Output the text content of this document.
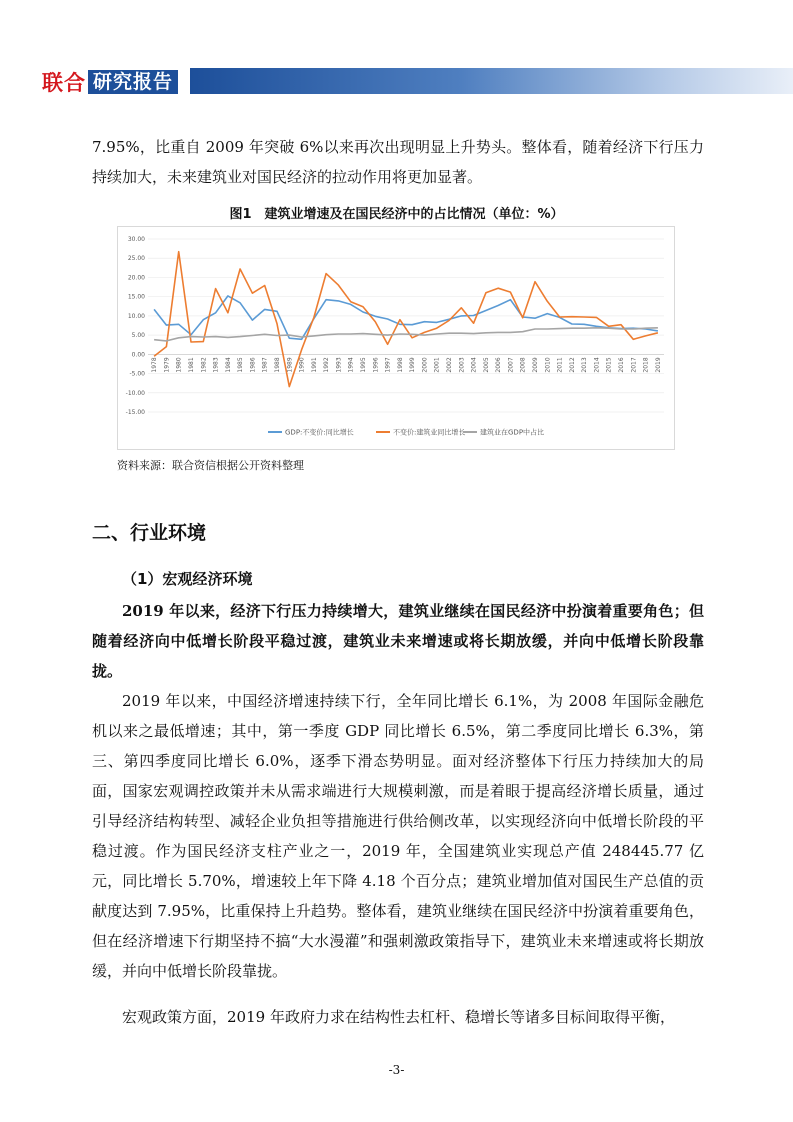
联合 研究报告

7.95%，比重自 2009 年突破 6%以来再次出现明显上升势头。整体看，随着经济下行压力持续加大，未来建筑业对国民经济的拉动作用将更加显著。

图1　建筑业增速及在国民经济中的占比情况（单位：%）
30.00
25.00
20.00
15.00
10.00
5.00
0.00
-5.00
-10.00
-15.00
1978 1979 1980 1981 1982 1983 1984 1985 1986 1987 1988 1989 1990 1991 1992 1993 1994 1995 1996 1997 1998 1999 2000 2001 2002 2003 2004 2005 2006 2007 2008 2009 2010 2011 2012 2013 2014 2015 2016 2017 2018 2019
GDP:不变价:同比增长	不变价:建筑业同比增长 建筑业在GDP中占比
资料来源：联合资信根据公开资料整理
二、行业环境
（1）宏观经济环境

2019 年以来，经济下行压力持续增大，建筑业继续在国民经济中扮演着重要角色；但随着经济向中低增长阶段平稳过渡，建筑业未来增速或将长期放缓，并向中低增长阶段靠拢。

2019 年以来，中国经济增速持续下行，全年同比增长 6.1%，为 2008 年国际金融危机以来之最低增速；其中，第一季度 GDP 同比增长 6.5%，第二季度同比增长 6.3%，第三、第四季度同比增长 6.0%，逐季下滑态势明显。面对经济整体下行压力持续加大的局面，国家宏观调控政策并未从需求端进行大规模刺激，而是着眼于提高经济增长质量，通过引导经济结构转型、减轻企业负担等措施进行供给侧改革，以实现经济向中低增长阶段的平稳过渡。作为国民经济支柱产业之一，2019 年，全国建筑业实现总产值 248445.77 亿元，同比增长 5.70%，增速较上年下降 4.18 个百分点；建筑业增加值对国民生产总值的贡献度达到 7.95%，比重保持上升趋势。整体看，建筑业继续在国民经济中扮演着重要角色，但在经济增速下行期坚持不搞“大水漫灌”和强刺激政策指导下，建筑业未来增速或将长期放缓，并向中低增长阶段靠拢。

宏观政策方面，2019 年政府力求在结构性去杠杆、稳增长等诸多目标间取得平衡，

-3-
